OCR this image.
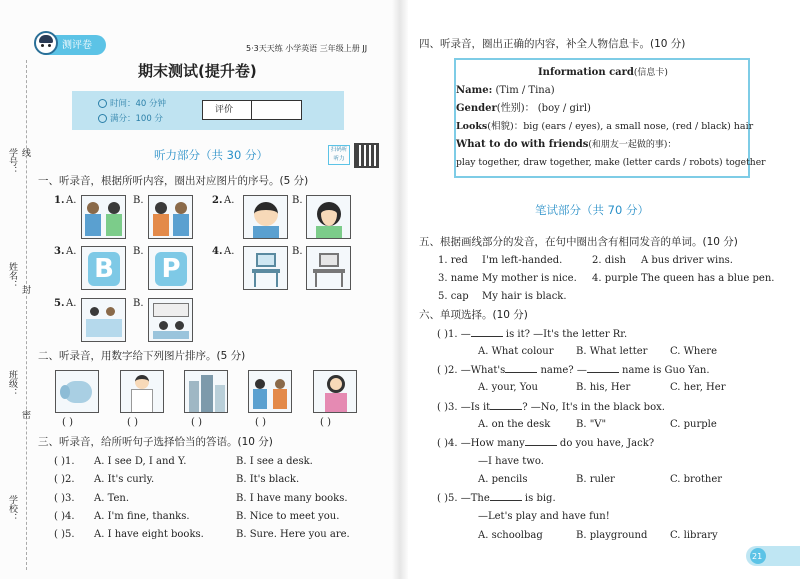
学号： 线
姓名：
封
班级：
密
学校：
测评卷	5·3天天练 小学英语 三年级上册 JJ
期末测试(提升卷)
时间：40 分钟
满分：100 分
评价
扫码听听力
听力部分（共 30 分）
一、听录音，根据所听内容，圈出对应图片的序号。(5 分)
1. A.	B.	2. A.	B.
3. A.
B
B.
P
4. A.	B.
5. A.	B.
二、听录音，用数字给下列图片排序。(5 分)
( )	( )	( )	( )	( )
三、听录音，给所听句子选择恰当的答语。(10 分)
( )1. A. I see D, I and Y.	B. I see a desk.
( )2. A. It's curly.	B. It's black.
( )3. A. Ten.	B. I have many books.
( )4. A. I'm fine, thanks.	B. Nice to meet you.
( )5. A. I have eight books.	B. Sure. Here you are.
四、听录音，圈出正确的内容，补全人物信息卡。(10 分)
Information card(信息卡)
Name: (Tim / Tina)
Gender(性别)： (boy / girl)
Looks(相貌)：big (ears / eyes), a small nose, (red / black) hair
What to do with friends(和朋友一起做的事)：
play together, draw together, make (letter cards / robots) together
笔试部分（共 70 分）
五、根据画线部分的发音，在句中圈出含有相同发音的单词。(10 分)
1. red I'm left-handed.	2. dish A bus driver wins.
3. name My mother is nice. 4. purple The queen has a blue pen.
5. cap My hair is black.
六、单项选择。(10 分)
( )1. —	is it? —It's the letter Rr.
A. What colour B. What letter C. Where
( )2. —What's	name? —	name is Guo Yan.
A. your, You	B. his, Her	C. her, Her
( )3. —Is it	? —No, It's in the black box.
A. on the desk	B. "V"	C. purple
( )4. —How many	do you have, Jack?
—I have two.
A. pencils	B. ruler	C. brother
( )5. —The	is big.
—Let's play and have fun!
A. schoolbag	B. playground C. library
21
